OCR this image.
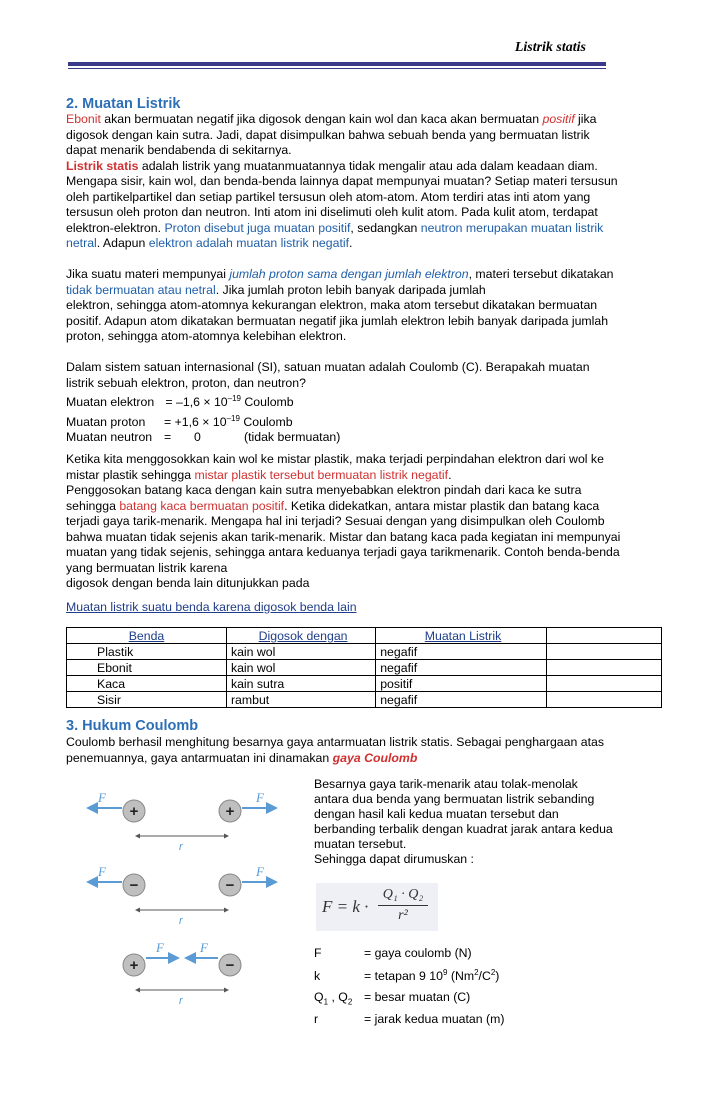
Listrik statis
2. Muatan Listrik
Ebonit akan bermuatan negatif jika digosok dengan kain wol dan kaca akan bermuatan positif jika
digosok dengan kain sutra. Jadi, dapat disimpulkan bahwa sebuah benda yang bermuatan listrik
dapat menarik bendabenda di sekitarnya.
Listrik statis adalah listrik yang muatanmuatannya tidak mengalir atau ada dalam keadaan diam.
Mengapa sisir, kain wol, dan benda-benda lainnya dapat mempunyai muatan? Setiap materi tersusun
oleh partikelpartikel dan setiap partikel tersusun oleh atom-atom. Atom terdiri atas inti atom yang
tersusun oleh proton dan neutron. Inti atom ini diselimuti oleh kulit atom. Pada kulit atom, terdapat
elektron-elektron. Proton disebut juga muatan positif, sedangkan neutron merupakan muatan listrik
netral. Adapun elektron adalah muatan listrik negatif.
Jika suatu materi mempunyai jumlah proton sama dengan jumlah elektron, materi tersebut dikatakan
tidak bermuatan atau netral. Jika jumlah proton lebih banyak daripada jumlah
elektron, sehingga atom-atomnya kekurangan elektron, maka atom tersebut dikatakan bermuatan
positif. Adapun atom dikatakan bermuatan negatif jika jumlah elektron lebih banyak daripada jumlah
proton, sehingga atom-atomnya kelebihan elektron.
Dalam sistem satuan internasional (SI), satuan muatan adalah Coulomb (C). Berapakah muatan
listrik sebuah elektron, proton, dan neutron?
Muatan elektron = $-1,6 \times 10^{-19}$ Coulomb
Muatan proton = $+1,6 \times 10^{-19}$ Coulomb
Muatan neutron = 0	(tidak bermuatan)
Ketika kita menggosokkan kain wol ke mistar plastik, maka terjadi perpindahan elektron dari wol ke
mistar plastik sehingga mistar plastik tersebut bermuatan listrik negatif.
Penggosokan batang kaca dengan kain sutra menyebabkan elektron pindah dari kaca ke sutra
sehingga batang kaca bermuatan positif. Ketika didekatkan, antara mistar plastik dan batang kaca
terjadi gaya tarik-menarik. Mengapa hal ini terjadi? Sesuai dengan yang disimpulkan oleh Coulomb
bahwa muatan tidak sejenis akan tarik-menarik. Mistar dan batang kaca pada kegiatan ini mempunyai
muatan yang tidak sejenis, sehingga antara keduanya terjadi gaya tarikmenarik. Contoh benda-benda
yang bermuatan listrik karena
digosok dengan benda lain ditunjukkan pada
Muatan listrik suatu benda karena digosok benda lain
Benda	Digosok dengan	Muatan Listrik	
Plastik	kain wol	negafif	
Ebonit	kain wol	negafif	
Kaca	kain sutra	positif	
Sisir	rambut	negafif	
3. Hukum Coulomb
Coulomb berhasil menghitung besarnya gaya antarmuatan listrik statis. Sebagai penghargaan atas
penemuannya, gaya antarmuatan ini dinamakan gaya Coulomb
Besarnya gaya tarik-menarik atau tolak-menolak
antara dua benda yang bermuatan listrik sebanding
dengan hasil kali kedua muatan tersebut dan
berbanding terbalik dengan kuadrat jarak antara kedua
muatan tersebut.
Sehingga dapat dirumuskan :
F = k ·
Q₁ · Q₂
r²
F	= gaya coulomb (N)
k	= tetapan 9 $10^9$ $(Nm^2/C^2)$
$Q_1$ , $Q_2$ = besar muatan (C)
r	= jarak kedua muatan (m)
F
+	+
F
r
F
−	−
F
r
+
F	F
−
r
